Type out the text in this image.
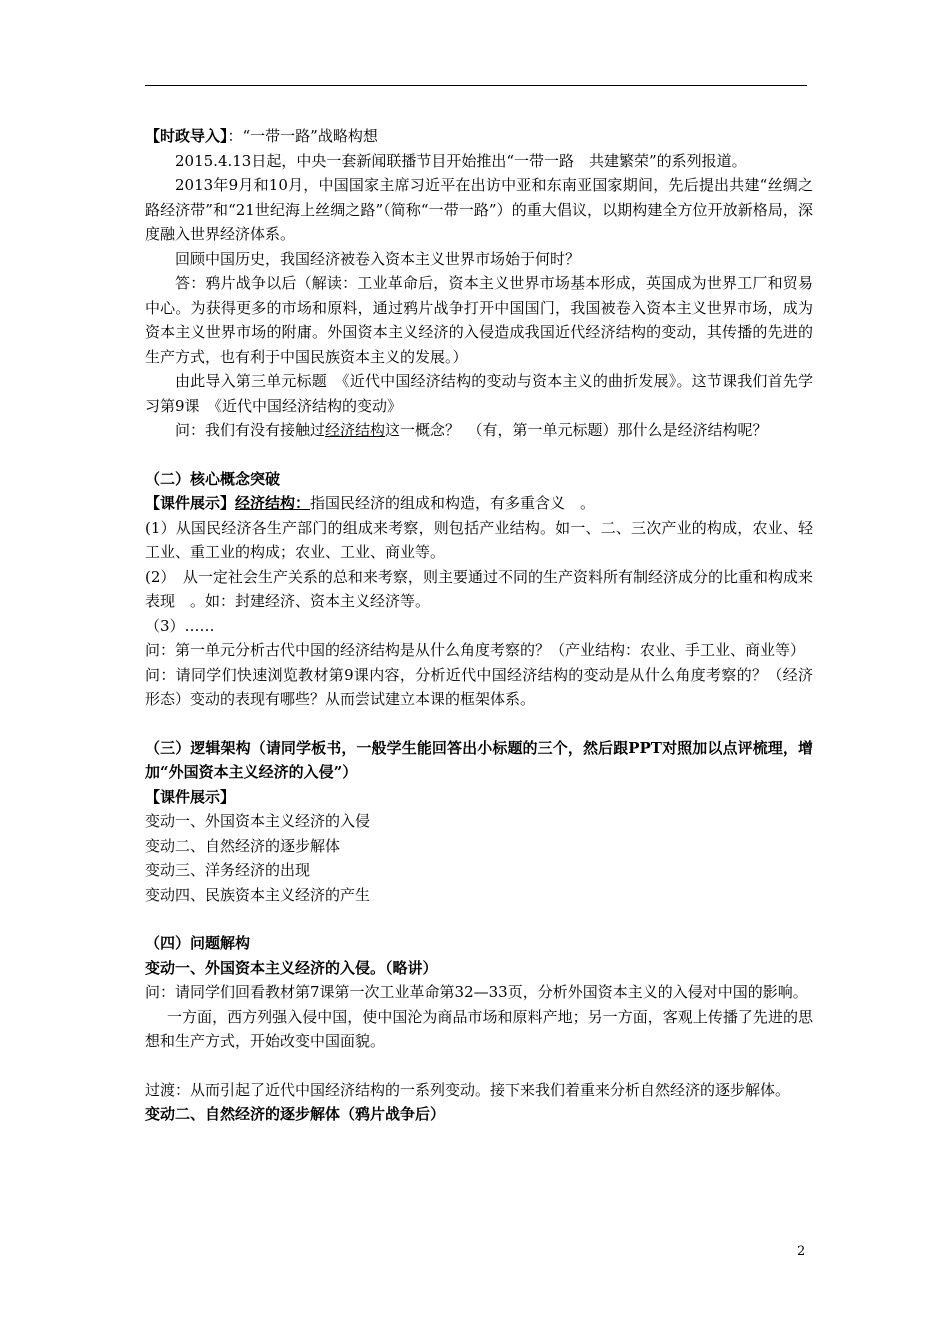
【时政导入】：“一带一路”战略构想

2015.4.13日起，中央一套新闻联播节目开始推出“一带一路　共建繁荣”的系列报道。

2013年9月和10月，中国国家主席习近平在出访中亚和东南亚国家期间，先后提出共建“丝绸之路经济带”和“21世纪海上丝绸之路”（简称“一带一路”）的重大倡议，以期构建全方位开放新格局，深度融入世界经济体系。

回顾中国历史，我国经济被卷入资本主义世界市场始于何时？

答：鸦片战争以后（解读：工业革命后，资本主义世界市场基本形成，英国成为世界工厂和贸易中心。为获得更多的市场和原料，通过鸦片战争打开中国国门，我国被卷入资本主义世界市场，成为资本主义世界市场的附庸。外国资本主义经济的入侵造成我国近代经济结构的变动，其传播的先进的生产方式，也有利于中国民族资本主义的发展。）

由此导入第三单元标题　《近代中国经济结构的变动与资本主义的曲折发展》。这节课我们首先学习第9课　《近代中国经济结构的变动》

问：我们有没有接触过经济结构这一概念？　（有，第一单元标题）那什么是经济结构呢？

（二）核心概念突破

【课件展示】经济结构：指国民经济的组成和构造，有多重含义　。

(1）从国民经济各生产部门的组成来考察，则包括产业结构。如一、二、三次产业的构成，农业、轻工业、重工业的构成；农业、工业、商业等。

(2）　从一定社会生产关系的总和来考察，则主要通过不同的生产资料所有制经济成分的比重和构成来表现　。如：封建经济、资本主义经济等。

（3）……

问：第一单元分析古代中国的经济结构是从什么角度考察的？（产业结构：农业、手工业、商业等）

问：请同学们快速浏览教材第9课内容，分析近代中国经济结构的变动是从什么角度考察的？（经济形态）变动的表现有哪些？从而尝试建立本课的框架体系。

（三）逻辑架构（请同学板书，一般学生能回答出小标题的三个，然后跟PPT对照加以点评梳理，增加“外国资本主义经济的入侵”）

【课件展示】

变动一、外国资本主义经济的入侵

变动二、自然经济的逐步解体

变动三、洋务经济的出现

变动四、民族资本主义经济的产生

（四）问题解构

变动一、外国资本主义经济的入侵。（略讲）

问：请同学们回看教材第7课第一次工业革命第32—33页，分析外国资本主义的入侵对中国的影响。

一方面，西方列强入侵中国，使中国沦为商品市场和原料产地；另一方面，客观上传播了先进的思想和生产方式，开始改变中国面貌。

过渡：从而引起了近代中国经济结构的一系列变动。接下来我们着重来分析自然经济的逐步解体。

变动二、自然经济的逐步解体（鸦片战争后）

2
